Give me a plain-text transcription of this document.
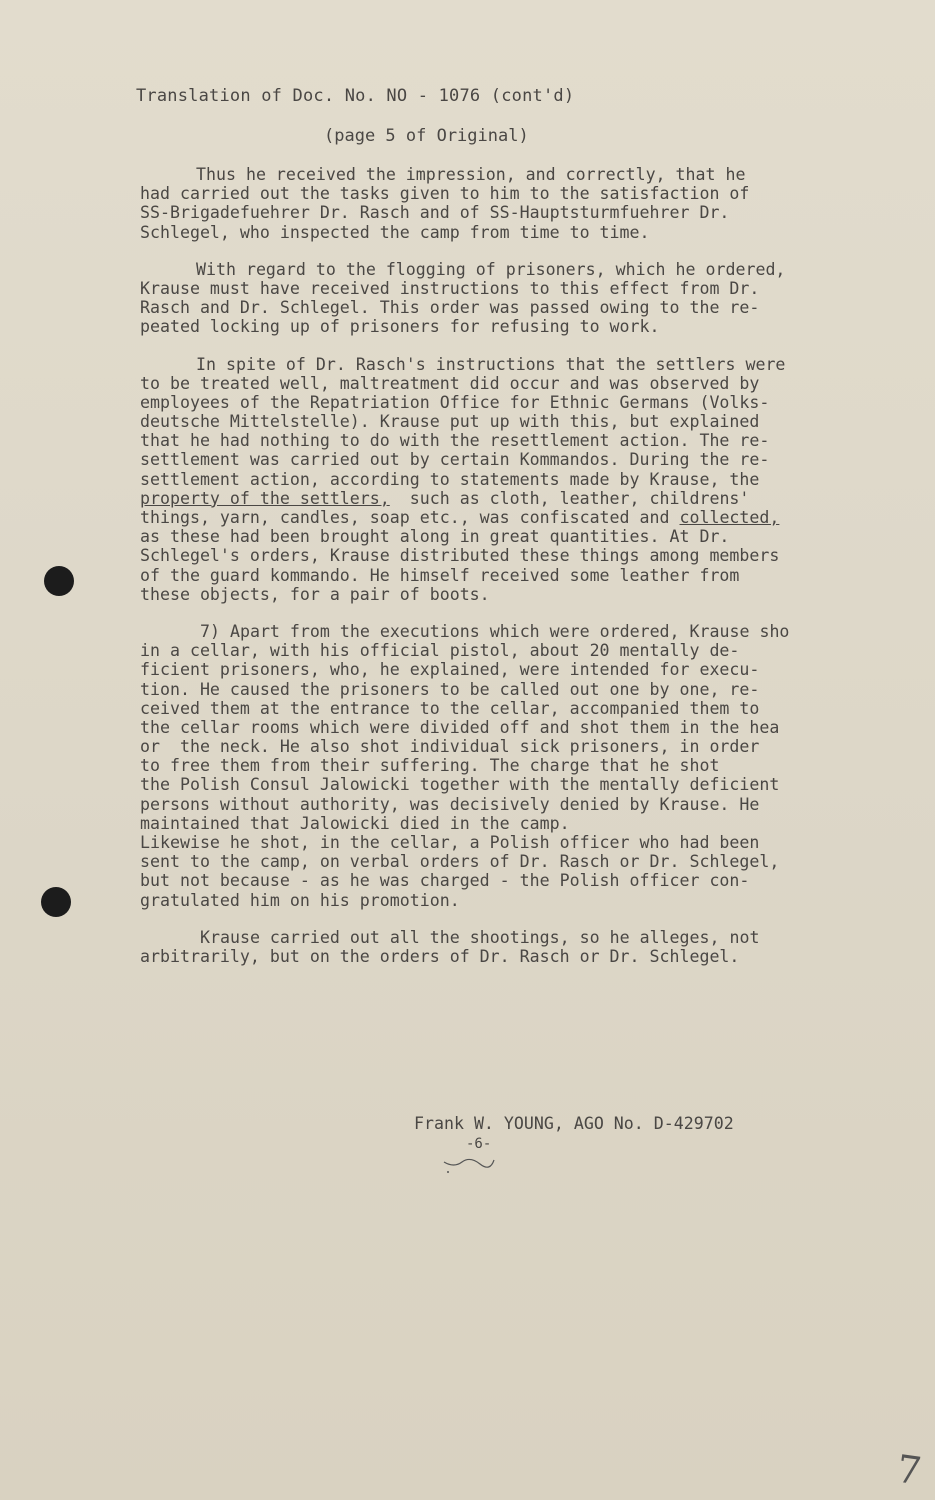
Translation of Doc. No. NO - 1076 (cont'd)
(page 5 of Original)
Thus he received the impression, and correctly, that he
had carried out the tasks given to him to the satisfaction of
SS-Brigadefuehrer Dr. Rasch and of SS-Hauptsturmfuehrer Dr.
Schlegel, who inspected the camp from time to time.
With regard to the flogging of prisoners, which he ordered,
Krause must have received instructions to this effect from Dr.
Rasch and Dr. Schlegel. This order was passed owing to the re-
peated locking up of prisoners for refusing to work.
In spite of Dr. Rasch's instructions that the settlers were
to be treated well, maltreatment did occur and was observed by
employees of the Repatriation Office for Ethnic Germans (Volks-
deutsche Mittelstelle). Krause put up with this, but explained
that he had nothing to do with the resettlement action. The re-
settlement was carried out by certain Kommandos. During the re-
settlement action, according to statements made by Krause, the
property of the settlers,  such as cloth, leather, childrens'
things, yarn, candles, soap etc., was confiscated and collected,
as these had been brought along in great quantities. At Dr.
Schlegel's orders, Krause distributed these things among members
of the guard kommando. He himself received some leather from
these objects, for a pair of boots.
7) Apart from the executions which were ordered, Krause sho
in a cellar, with his official pistol, about 20 mentally de-
ficient prisoners, who, he explained, were intended for execu-
tion. He caused the prisoners to be called out one by one, re-
ceived them at the entrance to the cellar, accompanied them to
the cellar rooms which were divided off and shot them in the hea
or  the neck. He also shot individual sick prisoners, in order
to free them from their suffering. The charge that he shot
the Polish Consul Jalowicki together with the mentally deficient
persons without authority, was decisively denied by Krause. He
maintained that Jalowicki died in the camp.
Likewise he shot, in the cellar, a Polish officer who had been
sent to the camp, on verbal orders of Dr. Rasch or Dr. Schlegel,
but not because - as he was charged - the Polish officer con-
gratulated him on his promotion.
Krause carried out all the shootings, so he alleges, not
arbitrarily, but on the orders of Dr. Rasch or Dr. Schlegel.
Frank W. YOUNG, AGO No. D-429702
-6-
7
